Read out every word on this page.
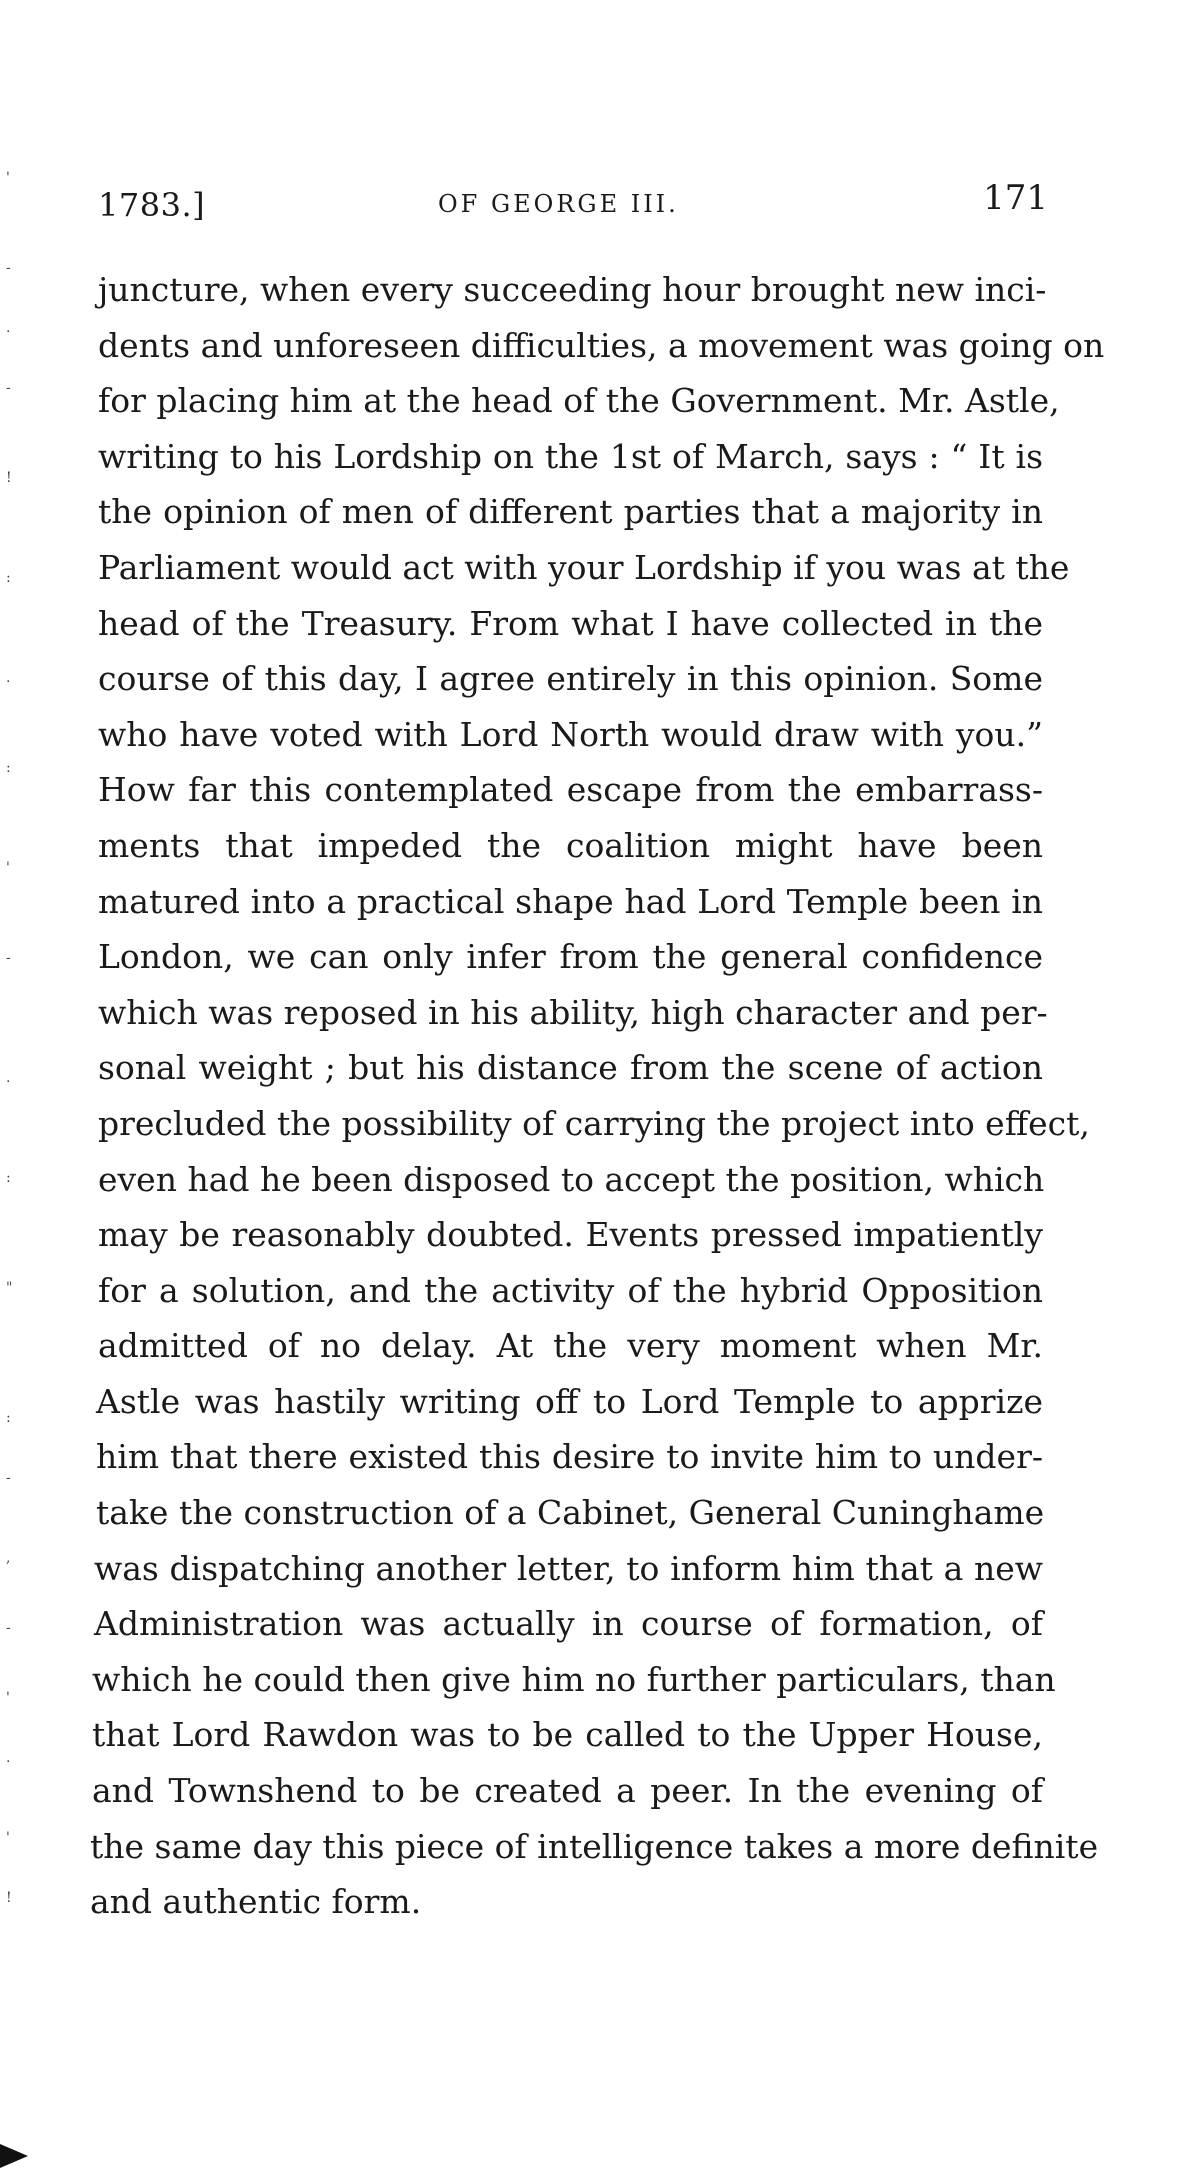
'
-
.
-
!
:
.
:
'
-
.
:
"
:
-
,
-
'
.
'
!
1783.]	OF GEORGE III.	171
juncture, when every succeeding hour brought new inci-
dents and unforeseen difficulties, a movement was going on
for placing him at the head of the Government. Mr. Astle,
writing to his Lordship on the 1st of March, says : “ It is
the opinion of men of different parties that a majority in
Parliament would act with your Lordship if you was at the
head of the Treasury. From what I have collected in the
course of this day, I agree entirely in this opinion. Some
who have voted with Lord North would draw with you.”
How far this contemplated escape from the embarrass-
ments that impeded the coalition might have been
matured into a practical shape had Lord Temple been in
London, we can only infer from the general confidence
which was reposed in his ability, high character and per-
sonal weight ; but his distance from the scene of action
precluded the possibility of carrying the project into effect,
even had he been disposed to accept the position, which
may be reasonably doubted. Events pressed impatiently
for a solution, and the activity of the hybrid Opposition
admitted of no delay. At the very moment when Mr.
Astle was hastily writing off to Lord Temple to apprize
him that there existed this desire to invite him to under-
take the construction of a Cabinet, General Cuninghame
was dispatching another letter, to inform him that a new
Administration was actually in course of formation, of
which he could then give him no further particulars, than
that Lord Rawdon was to be called to the Upper House,
and Townshend to be created a peer. In the evening of
the same day this piece of intelligence takes a more definite
and authentic form.
